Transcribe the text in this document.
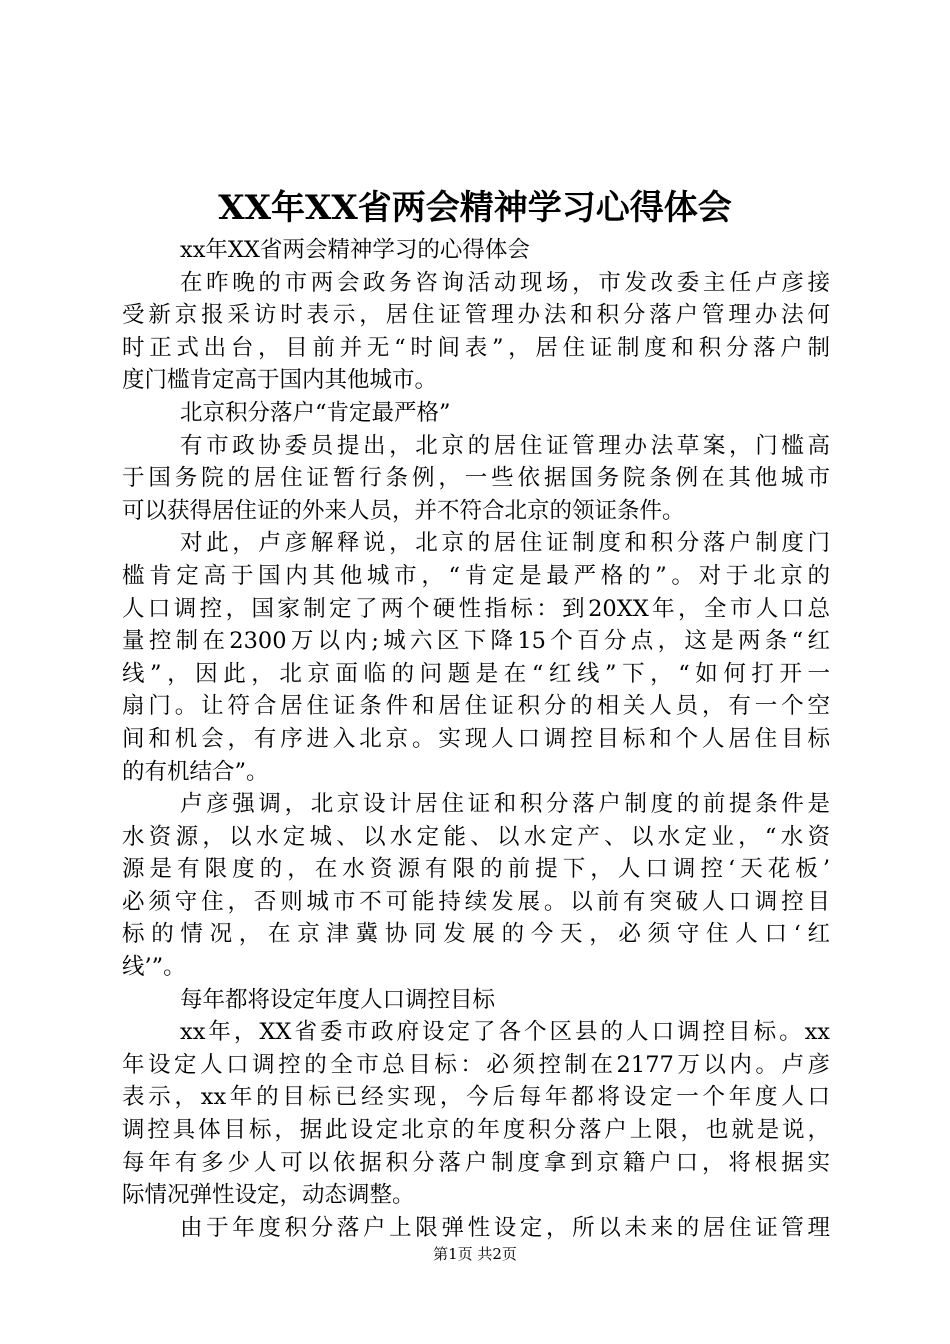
XX年XX省两会精神学习心得体会
xx年XX省两会精神学习的心得体会
在昨晚的市两会政务咨询活动现场，市发改委主任卢彦接
受新京报采访时表示，居住证管理办法和积分落户管理办法何
时正式出台，目前并无“时间表”，居住证制度和积分落户制
度门槛肯定高于国内其他城市。
北京积分落户“肯定最严格”
有市政协委员提出，北京的居住证管理办法草案，门槛高
于国务院的居住证暂行条例，一些依据国务院条例在其他城市
可以获得居住证的外来人员，并不符合北京的领证条件。
对此，卢彦解释说，北京的居住证制度和积分落户制度门
槛肯定高于国内其他城市，“肯定是最严格的”。对于北京的
人口调控，国家制定了两个硬性指标：到20XX年，全市人口总
量控制在2300万以内;城六区下降15个百分点，这是两条“红
线”，因此，北京面临的问题是在“红线”下，“如何打开一
扇门。让符合居住证条件和居住证积分的相关人员，有一个空
间和机会，有序进入北京。实现人口调控目标和个人居住目标
的有机结合”。
卢彦强调，北京设计居住证和积分落户制度的前提条件是
水资源，以水定城、以水定能、以水定产、以水定业，“水资
源是有限度的，在水资源有限的前提下，人口调控‘天花板’
必须守住，否则城市不可能持续发展。以前有突破人口调控目
标的情况，在京津冀协同发展的今天，必须守住人口‘红
线’”。
每年都将设定年度人口调控目标
xx年，XX省委市政府设定了各个区县的人口调控目标。xx
年设定人口调控的全市总目标：必须控制在2177万以内。卢彦
表示，xx年的目标已经实现，今后每年都将设定一个年度人口
调控具体目标，据此设定北京的年度积分落户上限，也就是说，
每年有多少人可以依据积分落户制度拿到京籍户口，将根据实
际情况弹性设定，动态调整。
由于年度积分落户上限弹性设定，所以未来的居住证管理
第1页 共2页
